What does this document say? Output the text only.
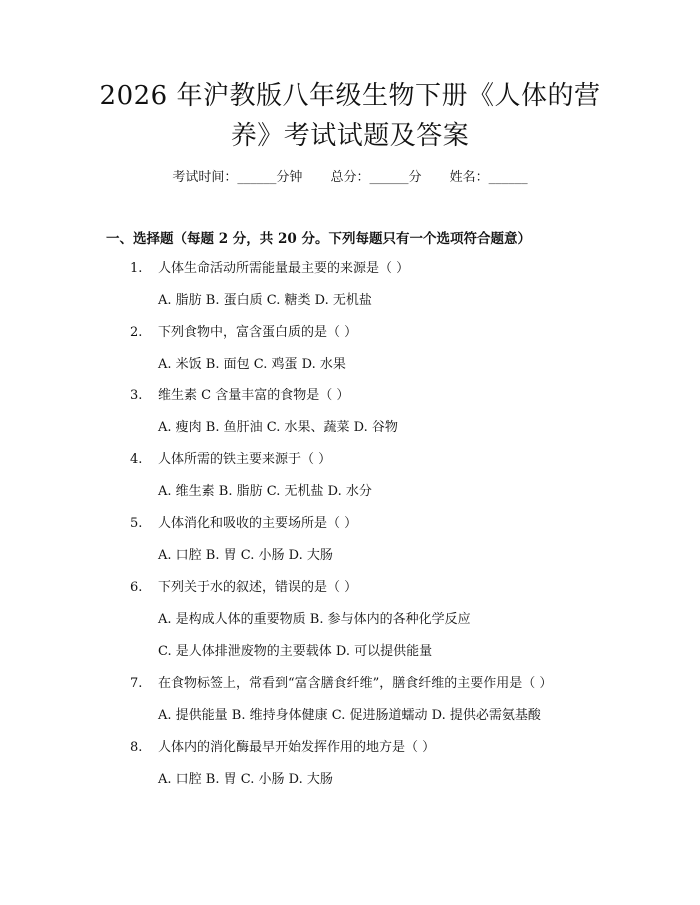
2026 年沪教版八年级生物下册《人体的营
养》考试试题及答案
考试时间：______分钟 总分：______分 姓名：______
一、选择题（每题 2 分，共 20 分。下列每题只有一个选项符合题意）
1. 人体生命活动所需能量最主要的来源是（ ）
A. 脂肪 B. 蛋白质 C. 糖类 D. 无机盐
2. 下列食物中，富含蛋白质的是（ ）
A. 米饭 B. 面包 C. 鸡蛋 D. 水果
3. 维生素 C 含量丰富的食物是（ ）
A. 瘦肉 B. 鱼肝油 C. 水果、蔬菜 D. 谷物
4. 人体所需的铁主要来源于（ ）
A. 维生素 B. 脂肪 C. 无机盐 D. 水分
5. 人体消化和吸收的主要场所是（ ）
A. 口腔 B. 胃 C. 小肠 D. 大肠
6. 下列关于水的叙述，错误的是（ ）
A. 是构成人体的重要物质 B. 参与体内的各种化学反应
C. 是人体排泄废物的主要载体 D. 可以提供能量
7. 在食物标签上，常看到“富含膳食纤维”，膳食纤维的主要作用是（ ）
A. 提供能量 B. 维持身体健康 C. 促进肠道蠕动 D. 提供必需氨基酸
8. 人体内的消化酶最早开始发挥作用的地方是（ ）
A. 口腔 B. 胃 C. 小肠 D. 大肠
